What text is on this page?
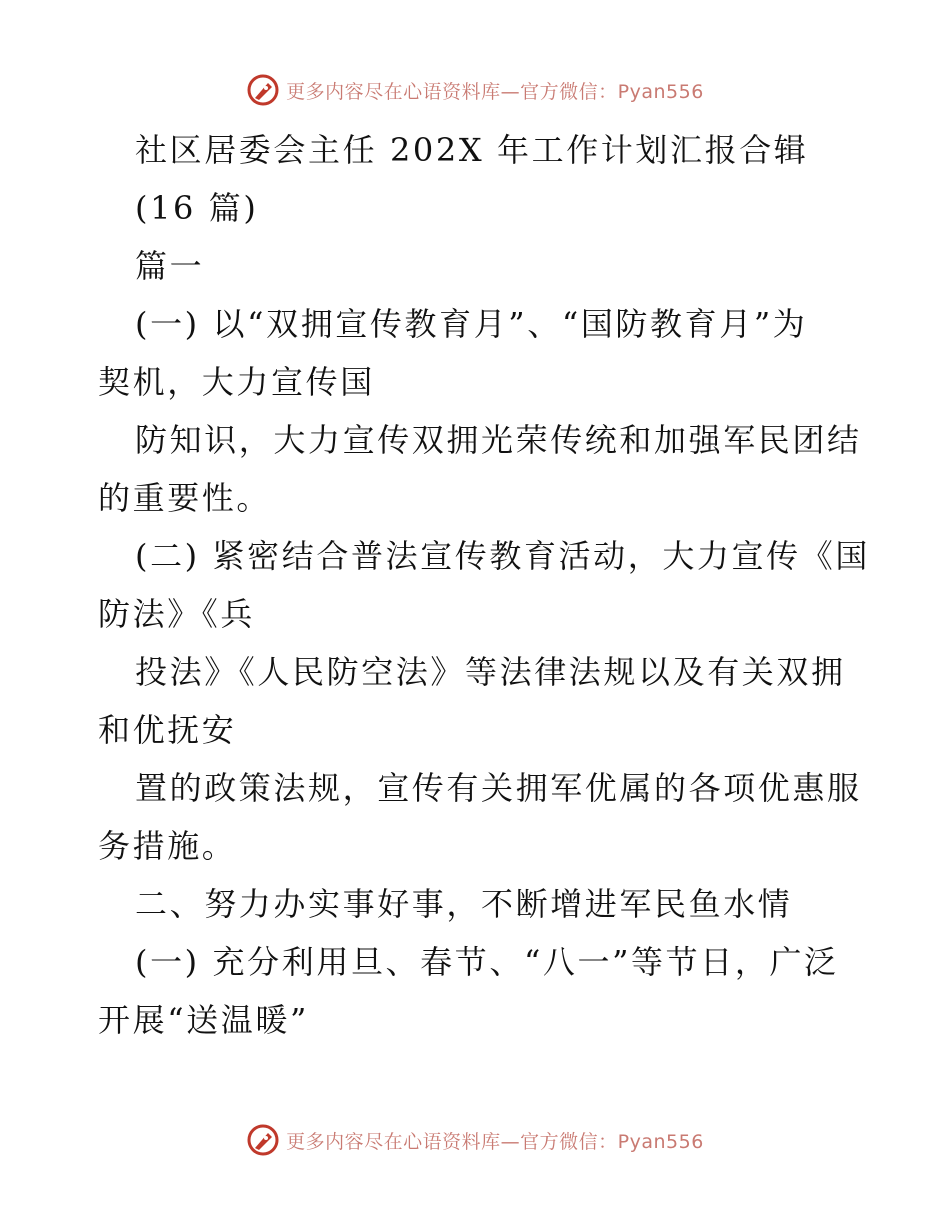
更多内容尽在心语资料库—官方微信：Pyan556
社区居委会主任 202X 年工作计划汇报合辑
(16 篇)
篇一
(一) 以“双拥宣传教育月”、“国防教育月”为
契机，大力宣传国
防知识，大力宣传双拥光荣传统和加强军民团结
的重要性。
(二) 紧密结合普法宣传教育活动，大力宣传《国
防法》《兵
投法》《人民防空法》等法律法规以及有关双拥
和优抚安
置的政策法规，宣传有关拥军优属的各项优惠服
务措施。
二、努力办实事好事，不断增进军民鱼水情
(一) 充分利用旦、春节、“八一”等节日，广泛
开展“送温暖”
更多内容尽在心语资料库—官方微信：Pyan556
